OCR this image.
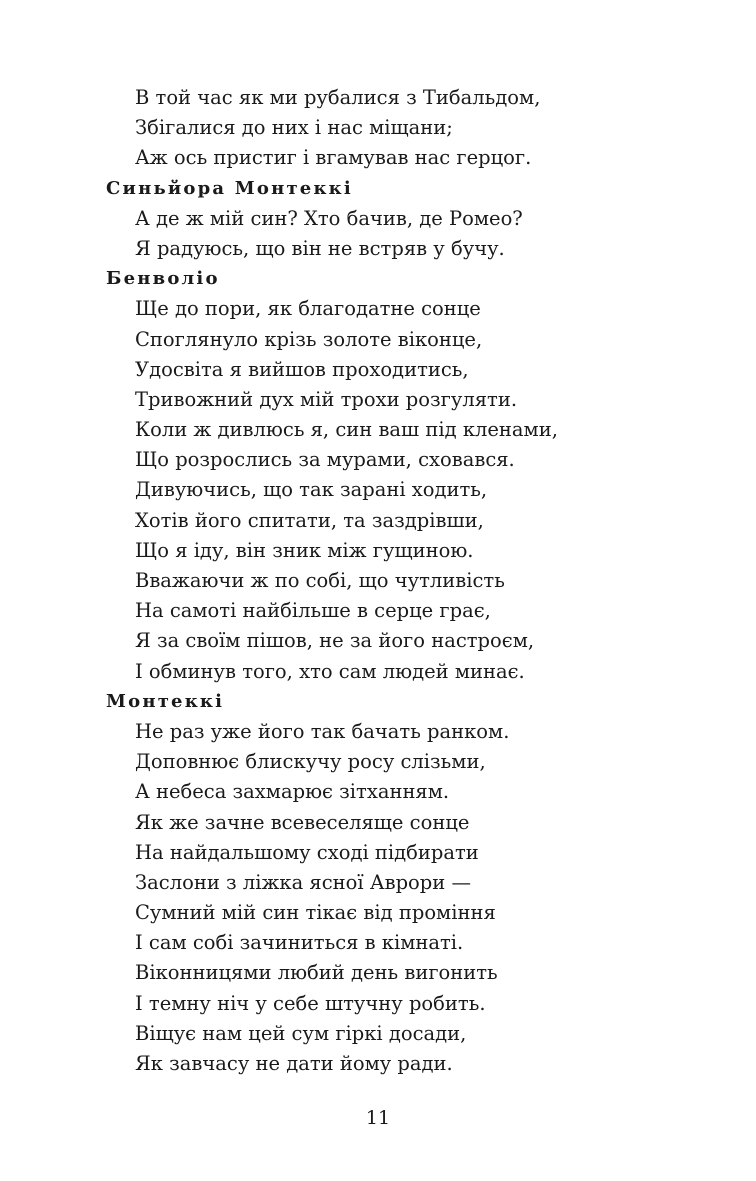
В той час як ми рубалися з Тибальдом,
Збігалися до них і нас міщани;
Аж ось пристиг і вгамував нас герцог.
Синьйора Монтеккі
А де ж мій син? Хто бачив, де Ромео?
Я радуюсь, що він не встряв у бучу.
Бенволіо
Ще до пори, як благодатне сонце
Споглянуло крізь золоте віконце,
Удосвіта я вийшов проходитись,
Тривожний дух мій трохи розгуляти.
Коли ж дивлюсь я, син ваш під кленами,
Що розрослись за мурами, сховався.
Дивуючись, що так зарані ходить,
Хотів його спитати, та заздрівши,
Що я іду, він зник між гущиною.
Вважаючи ж по собі, що чутливість
На самоті найбільше в серце грає,
Я за своїм пішов, не за його настроєм,
І обминув того, хто сам людей минає.
Монтеккі
Не раз уже його так бачать ранком.
Доповнює блискучу росу слізьми,
А небеса захмарює зітханням.
Як же зачне всевеселяще сонце
На найдальшому сході підбирати
Заслони з ліжка ясної Аврори —
Сумний мій син тікає від проміння
І сам собі зачиниться в кімнаті.
Віконницями любий день вигонить
І темну ніч у себе штучну робить.
Віщує нам цей сум гіркі досади,
Як завчасу не дати йому ради.
11
